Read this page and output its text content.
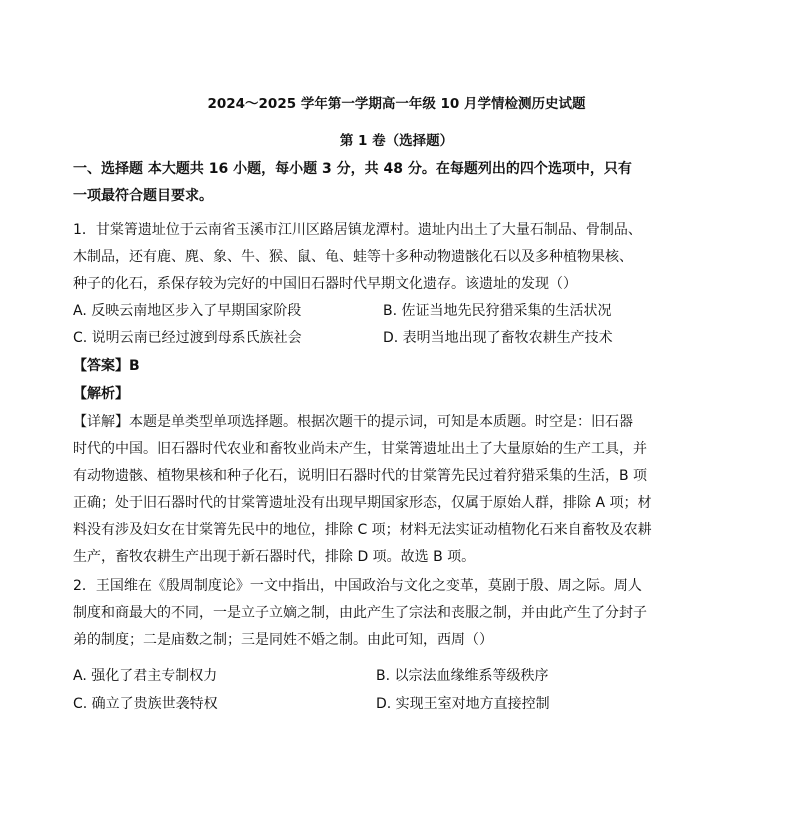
2024～2025 学年第一学期高一年级 10 月学情检测历史试题
第 1 卷（选择题）
一、选择题 本大题共 16 小题，每小题 3 分，共 48 分。在每题列出的四个选项中，只有
一项最符合题目要求。
1．甘棠箐遗址位于云南省玉溪市江川区路居镇龙潭村。遗址内出土了大量石制品、骨制品、
木制品，还有鹿、麂、象、牛、猴、鼠、龟、蛙等十多种动物遗骸化石以及多种植物果核、
种子的化石，系保存较为完好的中国旧石器时代早期文化遗存。该遗址的发现（）
A. 反映云南地区步入了早期国家阶段	B. 佐证当地先民狩猎采集的生活状况
C. 说明云南已经过渡到母系氏族社会	D. 表明当地出现了畜牧农耕生产技术
【答案】B
【解析】
【详解】本题是单类型单项选择题。根据次题干的提示词，可知是本质题。时空是：旧石器
时代的中国。旧石器时代农业和畜牧业尚未产生，甘棠箐遗址出土了大量原始的生产工具，并
有动物遗骸、植物果核和种子化石，说明旧石器时代的甘棠箐先民过着狩猎采集的生活，B 项
正确；处于旧石器时代的甘棠箐遗址没有出现早期国家形态，仅属于原始人群，排除 A 项；材
料没有涉及妇女在甘棠箐先民中的地位，排除 C 项；材料无法实证动植物化石来自畜牧及农耕
生产，畜牧农耕生产出现于新石器时代，排除 D 项。故选 B 项。
2．王国维在《殷周制度论》一文中指出，中国政治与文化之变革，莫剧于殷、周之际。周人
制度和商最大的不同，一是立子立嫡之制，由此产生了宗法和丧服之制，并由此产生了分封子
弟的制度；二是庙数之制；三是同姓不婚之制。由此可知，西周（）
A. 强化了君主专制权力	B. 以宗法血缘维系等级秩序
C. 确立了贵族世袭特权	D. 实现王室对地方直接控制
